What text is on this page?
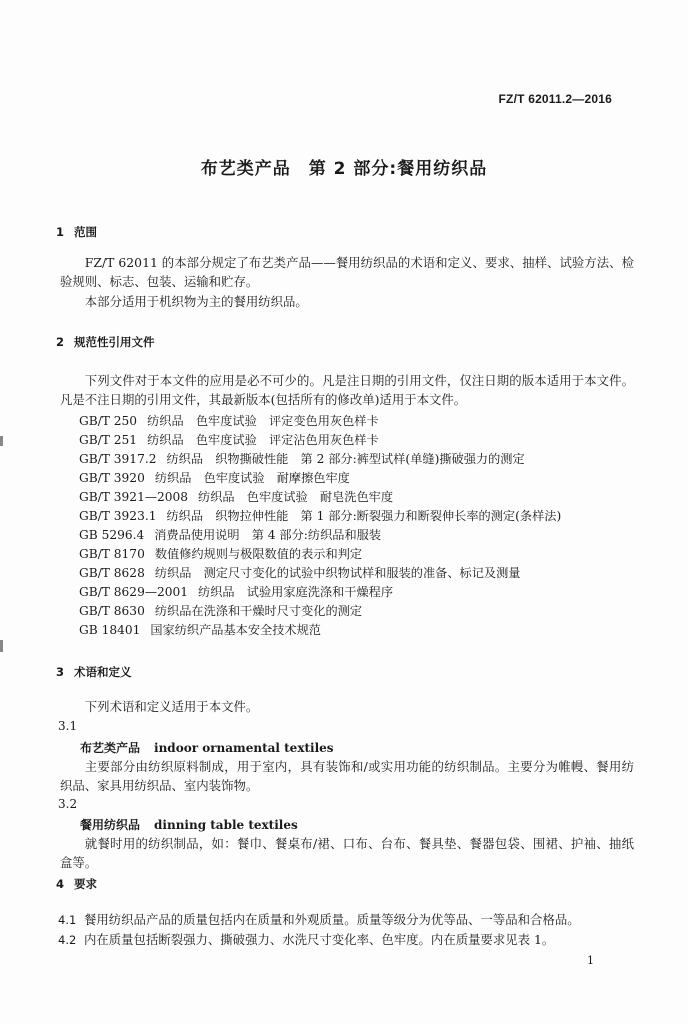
FZ/T 62011.2—2016
布艺类产品 第 2 部分:餐用纺织品
1 范围
FZ/T 62011 的本部分规定了布艺类产品——餐用纺织品的术语和定义、要求、抽样、试验方法、检验规则、标志、包装、运输和贮存。
本部分适用于机织物为主的餐用纺织品。
2 规范性引用文件
下列文件对于本文件的应用是必不可少的。凡是注日期的引用文件，仅注日期的版本适用于本文件。凡是不注日期的引用文件，其最新版本(包括所有的修改单)适用于本文件。
GB/T 250 纺织品　色牢度试验　评定变色用灰色样卡
GB/T 251 纺织品　色牢度试验　评定沾色用灰色样卡
GB/T 3917.2 纺织品　织物撕破性能　第 2 部分:裤型试样(单缝)撕破强力的测定
GB/T 3920 纺织品　色牢度试验　耐摩擦色牢度
GB/T 3921—2008 纺织品　色牢度试验　耐皂洗色牢度
GB/T 3923.1 纺织品　织物拉伸性能　第 1 部分:断裂强力和断裂伸长率的测定(条样法)
GB 5296.4 消费品使用说明　第 4 部分:纺织品和服装
GB/T 8170 数值修约规则与极限数值的表示和判定
GB/T 8628 纺织品　测定尺寸变化的试验中织物试样和服装的准备、标记及测量
GB/T 8629—2001 纺织品　试验用家庭洗涤和干燥程序
GB/T 8630 纺织品在洗涤和干燥时尺寸变化的测定
GB 18401 国家纺织产品基本安全技术规范
3 术语和定义
下列术语和定义适用于本文件。
3.1
布艺类产品 indoor ornamental textiles
主要部分由纺织原料制成，用于室内，具有装饰和/或实用功能的纺织制品。主要分为帷幔、餐用纺织品、家具用纺织品、室内装饰物。
3.2
餐用纺织品 dinning table textiles
就餐时用的纺织制品，如：餐巾、餐桌布/裙、口布、台布、餐具垫、餐器包袋、围裙、护袖、抽纸盒等。
4 要求
4.1 餐用纺织品产品的质量包括内在质量和外观质量。质量等级分为优等品、一等品和合格品。
4.2 内在质量包括断裂强力、撕破强力、水洗尺寸变化率、色牢度。内在质量要求见表 1。
1
